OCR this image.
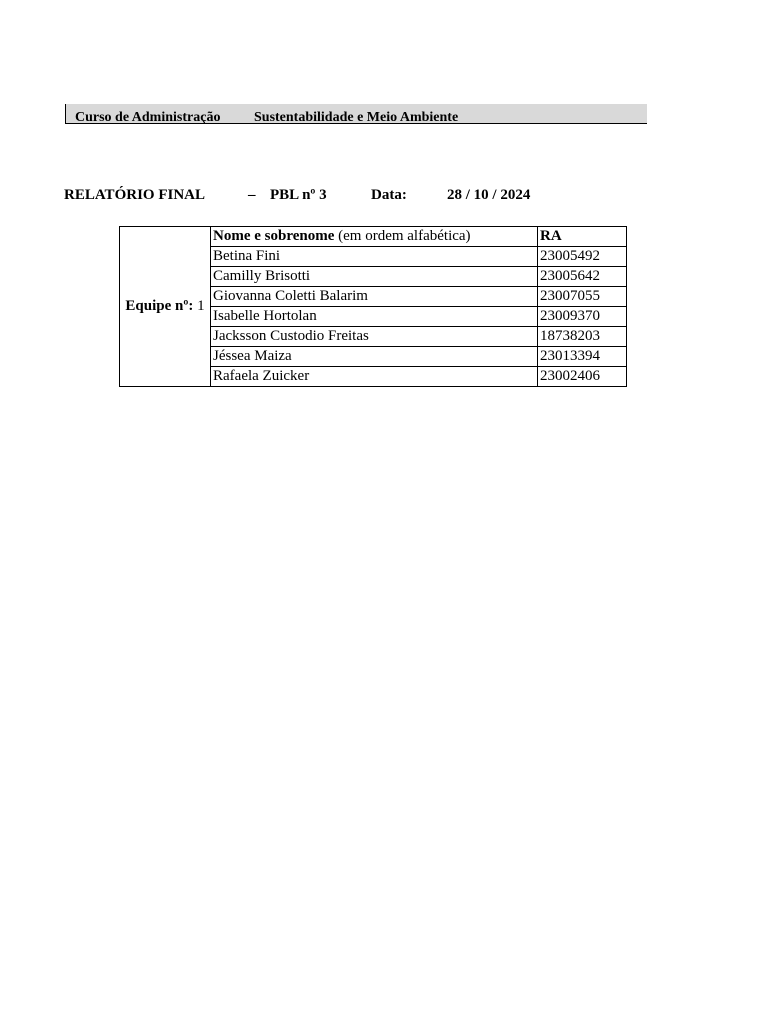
Curso de Administração Sustentabilidade e Meio Ambiente
RELATÓRIO FINAL	– PBL nº 3	Data:	28 / 10 / 2024
Equipe nº: 1	Nome e sobrenome (em ordem alfabética)	RA
	Betina Fini	23005492
	Camilly Brisotti	23005642
	Giovanna Coletti Balarim	23007055
	Isabelle Hortolan	23009370
	Jacksson Custodio Freitas	18738203
	Jéssea Maiza	23013394
	Rafaela Zuicker	23002406
